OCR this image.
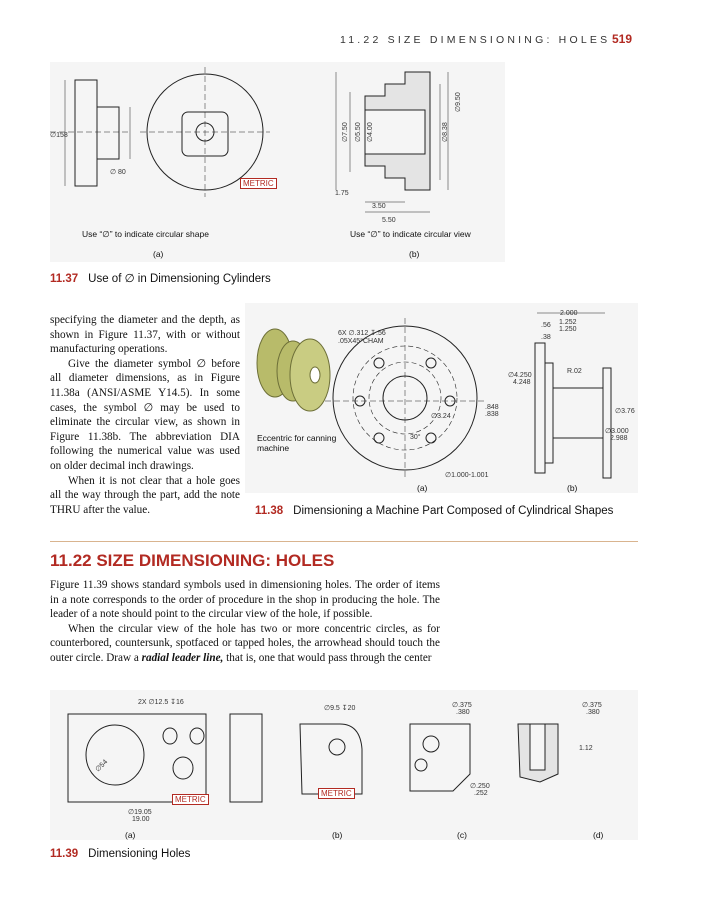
11.22 SIZE DIMENSIONING: HOLES 519
∅158
∅ 80
∅7.50 ∅5.50 ∅4.00	∅8.38
∅9.50
1.75
3.50
5.50
METRIC
Use “∅” to indicate circular shape	Use “∅” to indicate circular view
(a)	(b)
11.37 Use of ∅ in Dimensioning Cylinders

specifying the diameter and the depth, as shown in Figure 11.37, with or without manufacturing operations.

Give the diameter symbol ∅ before all diameter dimensions, as in Figure 11.38a (ANSI/ASME Y14.5). In some cases, the symbol ∅ may be used to eliminate the circular view, as shown in Figure 11.38b. The abbreviation DIA following the numerical value was used on older decimal inch drawings.

When it is not clear that a hole goes all the way through the part, add the note THRU after the value.

6X ∅.312 ↧.56
.05X45°CHAM
∅3.24
.848
.838
30°
∅1.000-1.001
2.000
.56 1.252
1.250
.38
∅4.250
4.248
R.02
∅3.76
∅3.000
2.988
Eccentric for canning machine
(a)	(b)
11.38 Dimensioning a Machine Part Composed of Cylindrical Shapes
11.22 SIZE DIMENSIONING: HOLES

Figure 11.39 shows standard symbols used in dimensioning holes. The order of items in a note corresponds to the order of procedure in the shop in producing the hole. The leader of a note should point to the circular view of the hole, if possible.

When the circular view of the hole has two or more concentric circles, as for counterbored, countersunk, spotfaced or tapped holes, the arrowhead should touch the outer circle. Draw a radial leader line, that is, one that would pass through the center

2X ∅12.5 ↧16
∅54
∅19.05
19.00
∅9.5 ↧20	∅.375
.380
∅.250
.252
∅.375
.380
1.12
METRIC
METRIC
(a)	(b)	(c)	(d)
11.39 Dimensioning Holes
